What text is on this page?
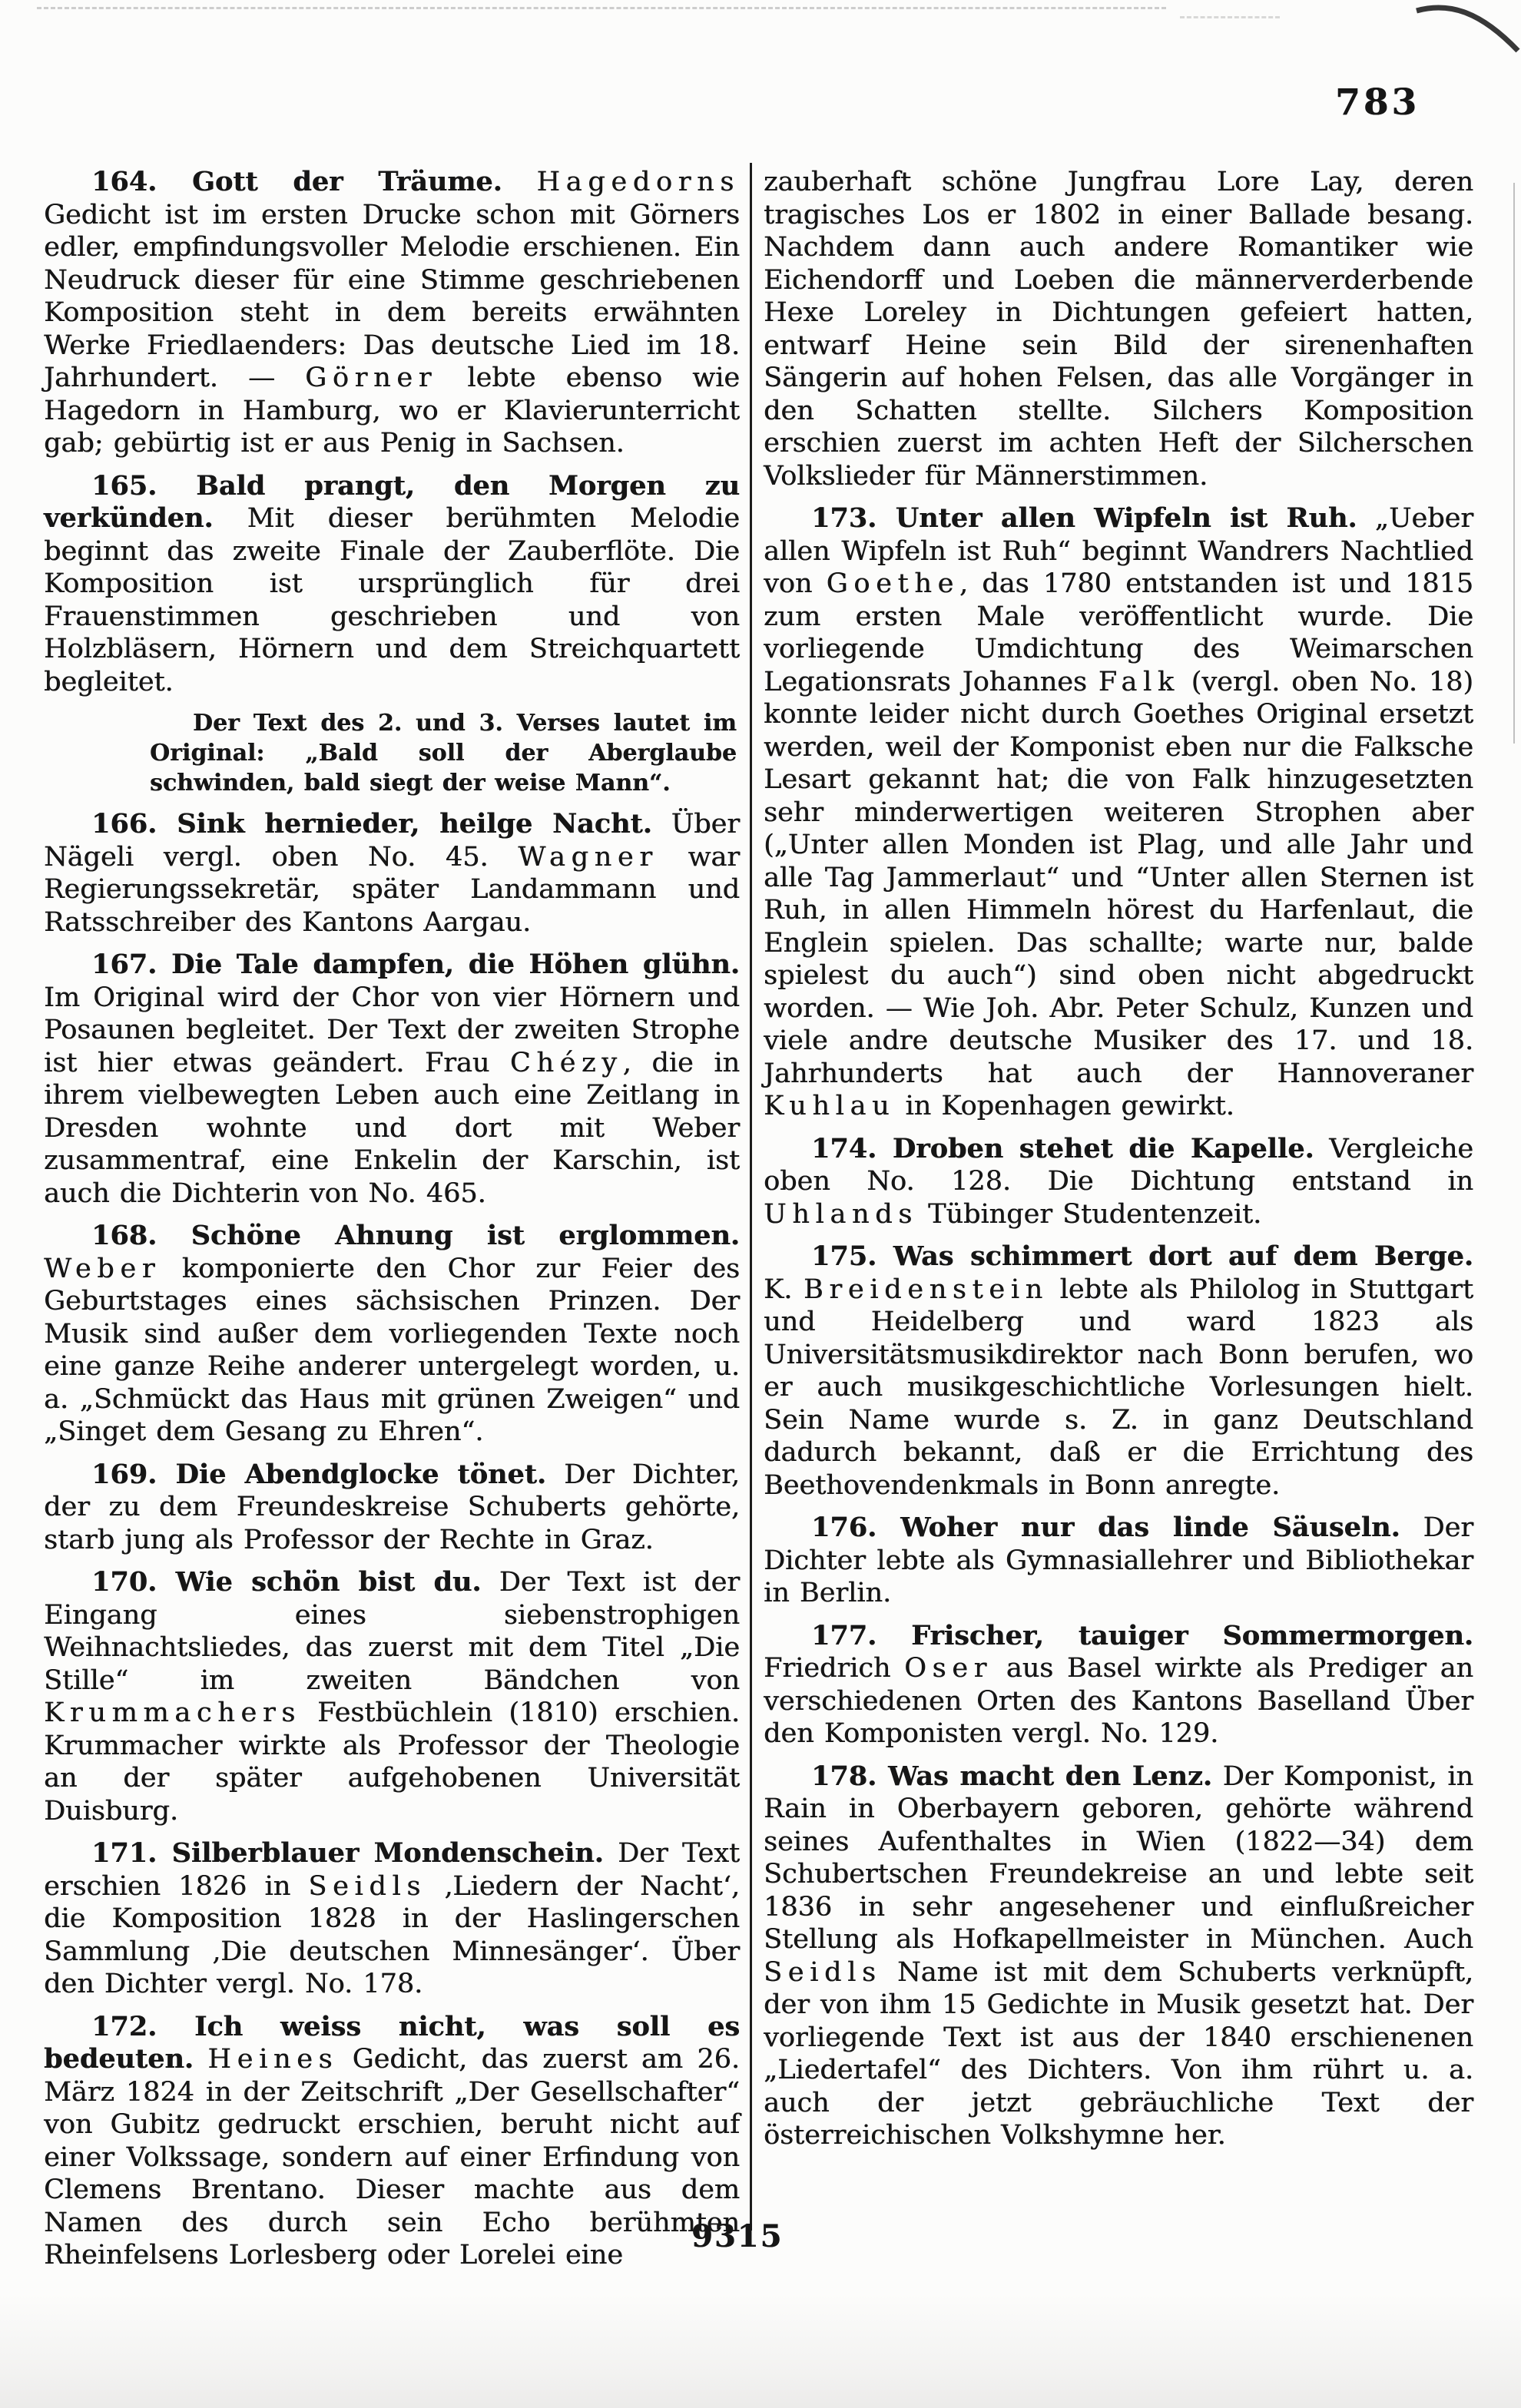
783

164. Gott der Träume. Hagedorns Gedicht ist im ersten Drucke schon mit Görners edler, empfindungsvoller Melodie erschienen. Ein Neudruck dieser für eine Stimme geschriebenen Komposition steht in dem bereits erwähnten Werke Friedlaenders: Das deutsche Lied im 18. Jahrhundert. — Görner lebte ebenso wie Hagedorn in Hamburg, wo er Klavierunterricht gab; gebürtig ist er aus Penig in Sachsen.

165. Bald prangt, den Morgen zu verkünden. Mit dieser berühmten Melodie beginnt das zweite Finale der Zauberflöte. Die Komposition ist ursprünglich für drei Frauenstimmen geschrieben und von Holzbläsern, Hörnern und dem Streichquartett begleitet.

Der Text des 2. und 3. Verses lautet im Original: „Bald soll der Aberglaube schwinden, bald siegt der weise Mann“.

166. Sink hernieder, heilge Nacht. Über Nägeli vergl. oben No. 45. Wagner war Regierungssekretär, später Landammann und Ratsschreiber des Kantons Aargau.

167. Die Tale dampfen, die Höhen glühn. Im Original wird der Chor von vier Hörnern und Posaunen begleitet. Der Text der zweiten Strophe ist hier etwas geändert. Frau Chézy, die in ihrem vielbewegten Leben auch eine Zeitlang in Dresden wohnte und dort mit Weber zusammentraf, eine Enkelin der Karschin, ist auch die Dichterin von No. 465.

168. Schöne Ahnung ist erglommen. Weber komponierte den Chor zur Feier des Geburtstages eines sächsischen Prinzen. Der Musik sind außer dem vorliegenden Texte noch eine ganze Reihe anderer untergelegt worden, u. a. „Schmückt das Haus mit grünen Zweigen“ und „Singet dem Gesang zu Ehren“.

169. Die Abendglocke tönet. Der Dichter, der zu dem Freundeskreise Schuberts gehörte, starb jung als Professor der Rechte in Graz.

170. Wie schön bist du. Der Text ist der Eingang eines siebenstrophigen Weihnachtsliedes, das zuerst mit dem Titel „Die Stille“ im zweiten Bändchen von Krummachers Festbüchlein (1810) erschien. Krummacher wirkte als Professor der Theologie an der später aufgehobenen Universität Duisburg.

171. Silberblauer Mondenschein. Der Text erschien 1826 in Seidls ‚Liedern der Nacht‘, die Komposition 1828 in der Haslingerschen Sammlung ‚Die deutschen Minnesänger‘. Über den Dichter vergl. No. 178.

172. Ich weiss nicht, was soll es bedeuten. Heines Gedicht, das zuerst am 26. März 1824 in der Zeitschrift „Der Gesellschafter“ von Gubitz gedruckt erschien, beruht nicht auf einer Volkssage, sondern auf einer Erfindung von Clemens Brentano. Dieser machte aus dem Namen des durch sein Echo berühmten Rheinfelsens Lorlesberg oder Lorelei eine

zauberhaft schöne Jungfrau Lore Lay, deren tragisches Los er 1802 in einer Ballade besang. Nachdem dann auch andere Romantiker wie Eichendorff und Loeben die männerverderbende Hexe Loreley in Dichtungen gefeiert hatten, entwarf Heine sein Bild der sirenenhaften Sängerin auf hohen Felsen, das alle Vorgänger in den Schatten stellte. Silchers Komposition erschien zuerst im achten Heft der Silcherschen Volkslieder für Männerstimmen.

173. Unter allen Wipfeln ist Ruh. „Ueber allen Wipfeln ist Ruh“ beginnt Wandrers Nachtlied von Goethe, das 1780 entstanden ist und 1815 zum ersten Male veröffentlicht wurde. Die vorliegende Umdichtung des Weimarschen Legationsrats Johannes Falk (vergl. oben No. 18) konnte leider nicht durch Goethes Original ersetzt werden, weil der Komponist eben nur die Falksche Lesart gekannt hat; die von Falk hinzugesetzten sehr minderwertigen weiteren Strophen aber („Unter allen Monden ist Plag, und alle Jahr und alle Tag Jammerlaut“ und “Unter allen Sternen ist Ruh, in allen Himmeln hörest du Harfenlaut, die Englein spielen. Das schallte; warte nur, balde spielest du auch“) sind oben nicht abgedruckt worden. — Wie Joh. Abr. Peter Schulz, Kunzen und viele andre deutsche Musiker des 17. und 18. Jahrhunderts hat auch der Hannoveraner Kuhlau in Kopenhagen gewirkt.

174. Droben stehet die Kapelle. Vergleiche oben No. 128. Die Dichtung entstand in Uhlands Tübinger Studentenzeit.

175. Was schimmert dort auf dem Berge. K. Breidenstein lebte als Philolog in Stuttgart und Heidelberg und ward 1823 als Universitätsmusikdirektor nach Bonn berufen, wo er auch musikgeschichtliche Vorlesungen hielt. Sein Name wurde s. Z. in ganz Deutschland dadurch bekannt, daß er die Errichtung des Beethovendenkmals in Bonn anregte.

176. Woher nur das linde Säuseln. Der Dichter lebte als Gymnasiallehrer und Bibliothekar in Berlin.

177. Frischer, tauiger Sommermorgen. Friedrich Oser aus Basel wirkte als Prediger an verschiedenen Orten des Kantons Baselland Über den Komponisten vergl. No. 129.

178. Was macht den Lenz. Der Komponist, in Rain in Oberbayern geboren, gehörte während seines Aufenthaltes in Wien (1822—34) dem Schubertschen Freundekreise an und lebte seit 1836 in sehr angesehener und einflußreicher Stellung als Hofkapellmeister in München. Auch Seidls Name ist mit dem Schuberts verknüpft, der von ihm 15 Gedichte in Musik gesetzt hat. Der vorliegende Text ist aus der 1840 erschienenen „Liedertafel“ des Dichters. Von ihm rührt u. a. auch der jetzt gebräuchliche Text der österreichischen Volkshymne her.

9315
